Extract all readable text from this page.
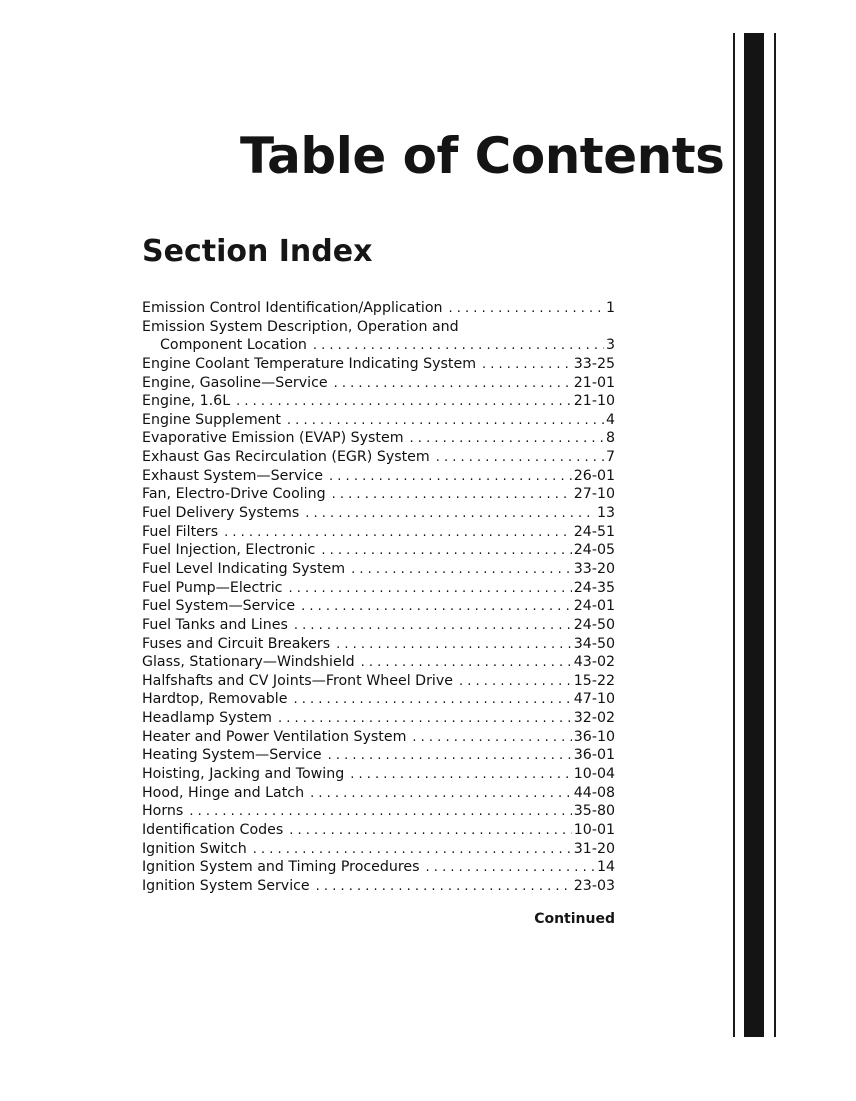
Table of Contents
Section Index
Emission Control Identification/Application . . .	1
Emission System Description, Operation and
Component Location . . .	3
Engine Coolant Temperature Indicating System . . .	33-25
Engine, Gasoline—Service . . .	21-01
Engine, 1.6L . . .	21-10
Engine Supplement . . .	4
Evaporative Emission (EVAP) System . . .	8
Exhaust Gas Recirculation (EGR) System . . .	7
Exhaust System—Service . . .	26-01
Fan, Electro-Drive Cooling . . .	27-10
Fuel Delivery Systems . . .	13
Fuel Filters . . .	24-51
Fuel Injection, Electronic . . .	24-05
Fuel Level Indicating System . . .	33-20
Fuel Pump—Electric . . .	24-35
Fuel System—Service . . .	24-01
Fuel Tanks and Lines . . .	24-50
Fuses and Circuit Breakers . . .	34-50
Glass, Stationary—Windshield . . .	43-02
Halfshafts and CV Joints—Front Wheel Drive . . .	15-22
Hardtop, Removable . . .	47-10
Headlamp System . . .	32-02
Heater and Power Ventilation System . . .	36-10
Heating System—Service . . .	36-01
Hoisting, Jacking and Towing . . .	10-04
Hood, Hinge and Latch . . .	44-08
Horns . . .	35-80
Identification Codes . . .	10-01
Ignition Switch . . .	31-20
Ignition System and Timing Procedures . . .	14
Ignition System Service . . .	23-03
Continued
